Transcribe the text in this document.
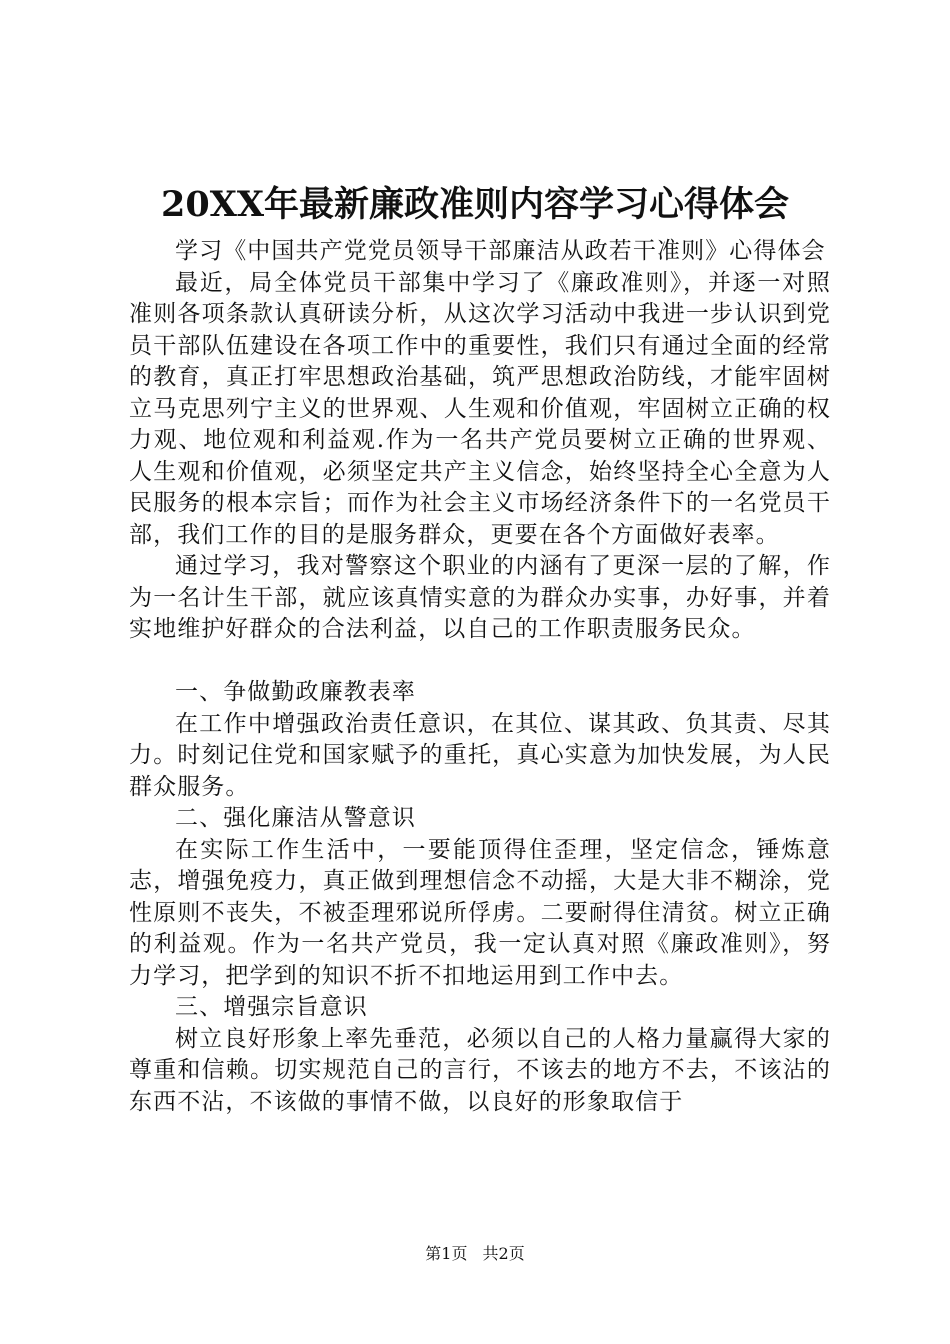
20XX年最新廉政准则内容学习心得体会

学习《中国共产党党员领导干部廉洁从政若干准则》心得体会

最近，局全体党员干部集中学习了《廉政准则》，并逐一对照准则各项条款认真研读分析，从这次学习活动中我进一步认识到党员干部队伍建设在各项工作中的重要性，我们只有通过全面的经常的教育，真正打牢思想政治基础，筑严思想政治防线，才能牢固树立马克思列宁主义的世界观、人生观和价值观，牢固树立正确的权力观、地位观和利益观.作为一名共产党员要树立正确的世界观、人生观和价值观，必须坚定共产主义信念，始终坚持全心全意为人民服务的根本宗旨；而作为社会主义市场经济条件下的一名党员干部，我们工作的目的是服务群众，更要在各个方面做好表率。

通过学习，我对警察这个职业的内涵有了更深一层的了解，作为一名计生干部，就应该真情实意的为群众办实事，办好事，并着实地维护好群众的合法利益，以自己的工作职责服务民众。

一、争做勤政廉教表率

在工作中增强政治责任意识，在其位、谋其政、负其责、尽其力。时刻记住党和国家赋予的重托，真心实意为加快发展，为人民群众服务。

二、强化廉洁从警意识

在实际工作生活中，一要能顶得住歪理，坚定信念，锤炼意志，增强免疫力，真正做到理想信念不动摇，大是大非不糊涂，党性原则不丧失，不被歪理邪说所俘虏。二要耐得住清贫。树立正确的利益观。作为一名共产党员，我一定认真对照《廉政准则》，努力学习，把学到的知识不折不扣地运用到工作中去。

三、增强宗旨意识

树立良好形象上率先垂范，必须以自己的人格力量赢得大家的尊重和信赖。切实规范自己的言行，不该去的地方不去，不该沾的东西不沾，不该做的事情不做，以良好的形象取信于

第1页 共2页
